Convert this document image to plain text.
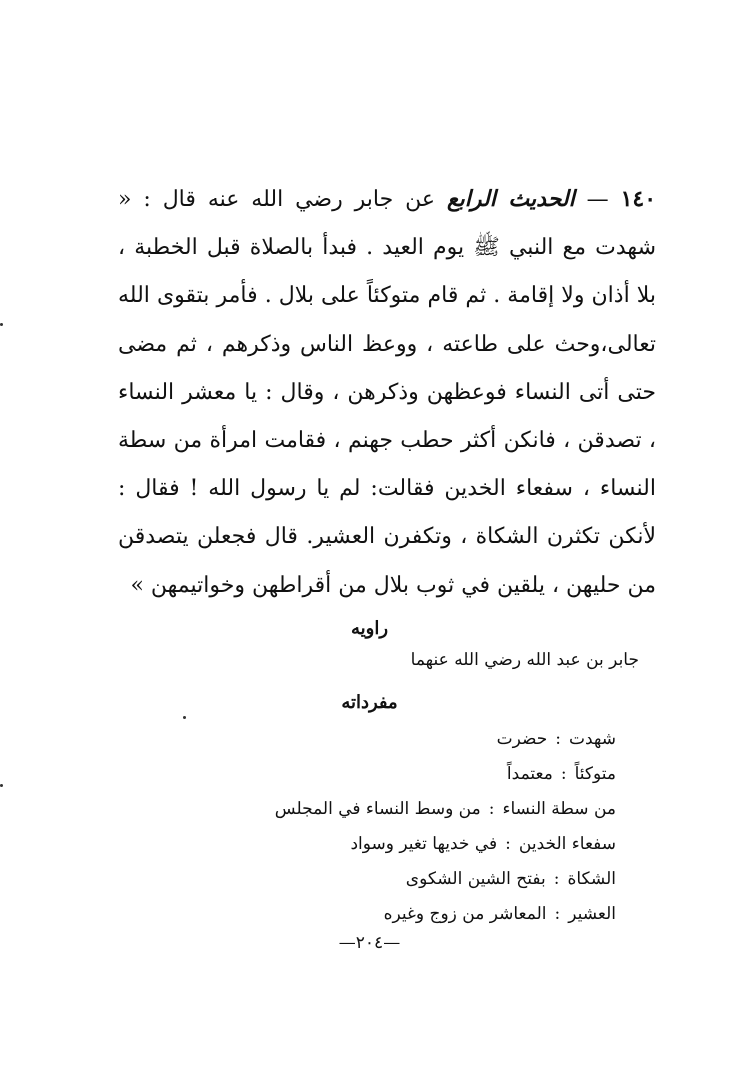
١٤٠ — الحديث الرابع عن جابر رضي الله عنه قال : « شهدت مع النبي ﷺ يوم العيد . فبدأ بالصلاة قبل الخطبة ، بلا أذان ولا إقامة . ثم قام متوكئاً على بلال . فأمر بتقوى الله تعالى،وحث على طاعته ، ووعظ الناس وذكرهم ، ثم مضى حتى أتى النساء فوعظهن وذكرهن ، وقال : يا معشر النساء ، تصدقن ، فانكن أكثر حطب جهنم ، فقامت امرأة من سطة النساء ، سفعاء الخدين فقالت: لم يا رسول الله ! فقال : لأنكن تكثرن الشكاة ، وتكفرن العشير. قال فجعلن يتصدقن من حليهن ، يلقين في ثوب بلال من أقراطهن وخواتيمهن »
راويه
جابر بن عبد الله رضي الله عنهما
مفرداته
شهدت
:
حضرت
متوكئاً
:
معتمداً
من سطة النساء
:
من وسط النساء في المجلس
سفعاء الخدين
:
في خديها تغير وسواد
الشكاة
:
بفتح الشين الشكوى
العشير
:
المعاشر من زوج وغيره
—٢٠٤—
